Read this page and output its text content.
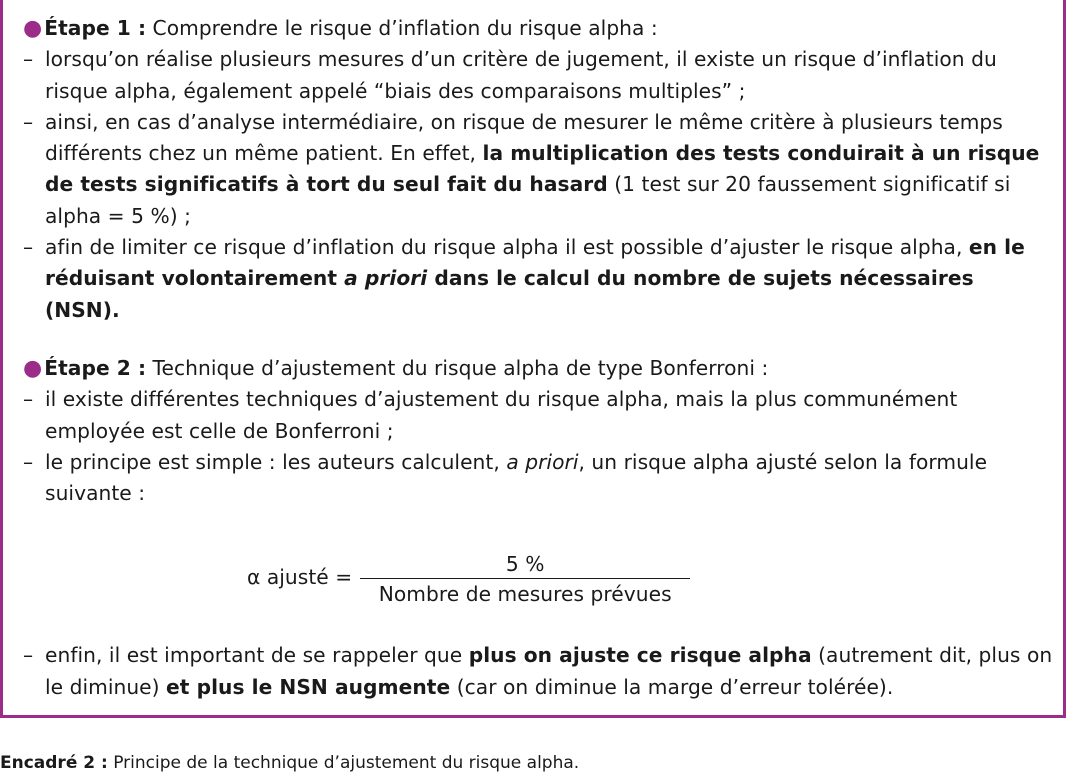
●Étape 1 : Comprendre le risque d’inflation du risque alpha :
– lorsqu’on réalise plusieurs mesures d’un critère de jugement, il existe un risque d’inflation du risque alpha, également appelé “biais des comparaisons multiples” ;
– ainsi, en cas d’analyse intermédiaire, on risque de mesurer le même critère à plusieurs temps différents chez un même patient. En effet, la multiplication des tests conduirait à un risque de tests significatifs à tort du seul fait du hasard (1 test sur 20 faussement significatif si alpha = 5 %) ;
– afin de limiter ce risque d’inflation du risque alpha il est possible d’ajuster le risque alpha, en le réduisant volontairement a priori dans le calcul du nombre de sujets nécessaires (NSN).
●Étape 2 : Technique d’ajustement du risque alpha de type Bonferroni :
– il existe différentes techniques d’ajustement du risque alpha, mais la plus communément employée est celle de Bonferroni ;
– le principe est simple : les auteurs calculent, a priori, un risque alpha ajusté selon la formule suivante :
α ajusté = $\frac{5 \%}{\text{Nombre de mesures prévues}}$
– enfin, il est important de se rappeler que plus on ajuste ce risque alpha (autrement dit, plus on le diminue) et plus le NSN augmente (car on diminue la marge d’erreur tolérée).
Encadré 2 : Principe de la technique d’ajustement du risque alpha.
